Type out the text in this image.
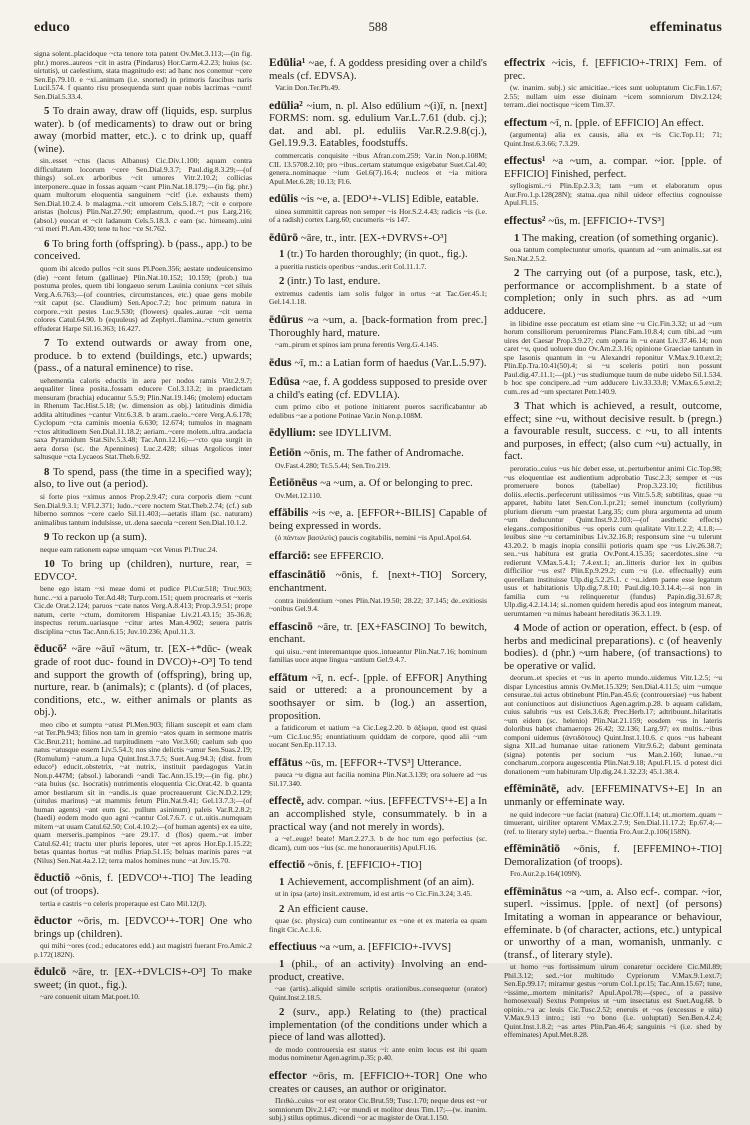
educo	588	effeminatus

signa solent..placidoque ~cta tenore tota patent Ov.Met.3.113;—(in fig. phr.) mores..aureos ~cit in astra (Pindarus) Hor.Carm.4.2.23; huius (sc. uirtutis), ut caelestium, stata magnitudo est: ad hanc nos conemur ~cere Sen.Ep.79.10. e ~xi..animam (i.e. snorted) in primoris faucibus naris Lucil.574. f quanto risu prosequenda sunt quae nobis lacrimas ~cunt! Sen.Dial.5.33.4.

5 To drain away, draw off (liquids, esp. surplus water). b (of medicaments) to draw out or bring away (morbid matter, etc.). c to drink up, quaff (wine).

sin..esset ~ctus (lacus Albanus) Cic.Div.1.100; aquam contra difficultatem locorum ~cere Sen.Dial.9.3.7; Paul.dig.8.3.29;—(of things) sol..ex arboribus ~cit umores Vitr.2.10.2; collicias interponere..quae in fossas aquam ~cant Plin.Nat.18.179;—(in fig. phr.) quam multorum eloquentia sanguinem ~cit! (i.e. exhausts them) Sen.Dial.10.2.4. b malagma..~cit umorem Cels.5.18.7; ~cit e corpore aristas (holcus) Plin.Nat.27.90; emplastrum, quod..~t pus Larg.216; (absol.) euocat et ~cit ladanum Cels.5.18.3. c eam (sc. hirneam)..uini ~xi meri Pl.Am.430; tene tu hoc ~ce St.762.

6 To bring forth (offspring). b (pass., app.) to be conceived.

quom ibi alcedo pullos ~cit suos Pl.Poen.356; aestate undeuicensimo (die) ~cent fetum (gallinae) Plin.Nat.10.152; 10.159; (prob.) tua postuma proles, quem tibi longaeuo serum Lauinia coniunx ~cet siluis Verg.A.6.763;—(of countries, circumstances, etc.) quae gens mobile ~xit caput (sc. Claudium) Sen.Apoc.7.2; hoc primum natura in corpore..~xit pestes Luc.9.530; (flowers) quales..aurae ~cit uerna colores Catul.64.90. b (equuleus) ad Zephyri..flamina..~ctum genetrix effuderat Harpe Sil.16.363; 16.427.

7 To extend outwards or away from one, produce. b to extend (buildings, etc.) upwards; (pass., of a natural eminence) to rise.

uehementia caloris eductis in aera per nodos ramis Vitr.2.9.7; aequaliter linea posita..fossam educere Col.3.13.2; in praedictam mensuram (brachia) educantur 5.5.9; Plin.Nat.19.146; (molem) eductam in Rhenum Tac.Hist.5.18; (w. dimension as obj.) latitudinis dimidia addita altitudines ~cantur Vitr.6.3.8. b aram..caelo..~cere Verg.A.6.178; Cyclopum ~cta caminis moenia 6.630; 12.674; tumulos in magnam ~ctos altitudinem Sen.Dial.11.18.2; aeriam..~cere molem..ultra..audacia saxa Pyramidum Stat.Silv.5.3.48; Tac.Ann.12.16;—~cto qua surgit in aera dorso (sc. the Apennines) Luc.2.428; siluas Argolicos inter saltusque ~cta Lycaeos Stat.Theb.6.92.

8 To spend, pass (the time in a specified way); also, to live out (a period).

si forte pios ~ximus annos Prop.2.9.47; cura corporis diem ~cunt Sen.Dial.9.3.1; V.Fl.2.371; ludo..~cere noctem Stat.Theb.2.74; (cf.) sub hiberno somnos ~cere caelo Sil.11.403;—aetatis illam (sc. naturam) animalibus tantum indulsisse, ut..dena saecula ~cerent Sen.Dial.10.1.2.

9 To reckon up (a sum).

neque eam rationem eapse umquam ~cet Venus Pl.Truc.24.

10 To bring up (children), nurture, rear, = EDVCO².

bene ego istam ~xi meae domi et pudice Pl.Cur.518; Truc.903; hunc..~xi a paruolo Ter.Ad.48; Turp.com.151; quem procrearis et ~xeris Cic.de Orat.2.124; paruos ~cate natos Verg.A.8.413; Prop.3.9.51; prope natum, certe ~ctum, domitorem Hispaniae Liv.21.43.15; 35-36.8; inspectus rerum..uariasque ~citur artes Man.4.902; seuera patris disciplina ~ctus Tac.Ann.6.15; Juv.10.236; Apul.11.3.

ēducō² ~āre ~āuī ~ātum, tr. [EX-+*dūc- (weak grade of root duc- found in DVCO)+-O³] To tend and support the growth of (offspring), bring up, nurture, rear. b (animals); c (plants). d (of places, conditions, etc., w. either animals or plants as obj.).

meo cibo et sumptu ~atust Pl.Men.903; filiam suscepit et eam clam ~at Ter.Ph.943; filios non tam in gremio ~atos quam in sermone matris Cic.Brut.211; homine..ad turpitudinem ~ato Ver.3.60; caelum sub quo natus ~atusque essem Liv.5.54.3; nos sine delictis ~amur Sen.Suas.2.19; (Romulum) ~atum..a lupa Quint.Inst.3.7.5; Suet.Aug.94.3; (dist. from educo¹) educit..obstetrix, ~at nutrix, instituit paedagogus Var.in Non.p.447M; (absol.) laborandi ~andi Tac.Ann.15.19;—(in fig. phr.) ~ata huius (sc. Isocratis) nutrimentis eloquentia Cic.Orat.42. b quanta amor bestiarum sit in ~andis..is quae procreauerunt Cic.N.D.2.129; (uitulus marinus) ~at mammis fetum Plin.Nat.9.41; Gel.13.7.3;—(of human agents) ~ant eum (sc. pullum asininum) paleis Var.R.2.8.2; (haedi) eodem modo quo agni ~cantur Col.7.6.7. c ut..uitis..numquam mitem ~at uuam Catul.62.50; Col.4.10.2;—(of human agents) ex ea uite, quam merseris..pampinos ~are 29.17. d (flos) quem..~at imber Catul.62.41; tractu uter pluris lepores, uter ~et apros Hor.Ep.1.15.22; betas quantas hortus ~at nullus Priap.51.15; beluas marinis pares ~at (Nilus) Sen.Nat.4a.2.12; terra malos homines nunc ~at Juv.15.70.

ēductiō ~ōnis, f. [EDVCO¹+-TIO] The leading out (of troops).

tertia e castris ~o celeris properaque est Cato Mil.12(J).

ēductor ~ōris, m. [EDVCO¹+-TOR] One who brings up (children).

qui mihi ~ores (cod.; educatores edd.) aut magistri fuerant Fro.Amic.2 p.172(182N).

ēdulcō ~āre, tr. [EX-+DVLCIS+-O³] To make sweet; (in quot., fig.).

~are conuenit uitam Mat.poet.10.

Edūlia¹ ~ae, f. A goddess presiding over a child's meals (cf. EDVSA).

Var.in Don.Ter.Ph.49.

edūlia² ~ium, n. pl. Also edūlium ~(i)ī, n. [next] FORMS: nom. sg. edulium Var.L.7.61 (dub. cj.); dat. and abl. pl. eduliis Var.R.2.9.8(cj.), Gel.19.9.3. Eatables, foodstuffs.

commercatis conquisite ~ibus Afran.com.259; Var.in Non.p.108M; CIL 13.5708.2.10; pro ~ibus..certam statumque exigebatur Suet.Cal.40; genera..nominaque ~ium Gel.6(7).16.4; nucleos et ~ia mitiora Apul.Met.6.28; 10.13; Fl.6.

edūlis ~is ~e, a. [EDO¹+-VLIS] Edible, eatable.

uinea summittit capreas non semper ~is Hor.S.2.4.43; radicis ~is (i.e. of a radish) cortex Larg.60; cucumeris ~is 147.

ēdūrō ~āre, tr., intr. [EX-+DVRVS+-O³]

1 (tr.) To harden thoroughly; (in quot., fig.).

a pueritia rusticis operibus ~andus..erit Col.11.1.7.

2 (intr.) To last, endure.

extremus cadentis iam solis fulgor in ortus ~at Tac.Ger.45.1; Gel.14.1.18.

ēdūrus ~a ~um, a. [back-formation from prec.] Thoroughly hard, mature.

~am..pirum et spinos iam pruna ferentis Verg.G.4.145.

ēdus ~ī, m.: a Latian form of haedus (Var.L.5.97).

Edūsa ~ae, f. A goddess supposed to preside over a child's eating (cf. EDVLIA).

cum primo cibo et potione initiarent pueros sacrificabantur ab edulibus ~ae a potione Potinae Var.in Non.p.108M.

ēdyllium: see IDYLLIVM.

Ēetiōn ~ōnis, m. The father of Andromache.

Ov.Fast.4.280; Tr.5.5.44; Sen.Tro.219.

Ēetiōnēus ~a ~um, a. Of or belonging to prec.

Ov.Met.12.110.

effābilis ~is ~e, a. [EFFOR+-BILIS] Capable of being expressed in words.

(ὁ πάντων βασιλεύς) paucis cogitabilis, nemini ~is Apul.Apol.64.

effarciō: see EFFERCIO.

effascinātiō ~ōnis, f. [next+-TIO] Sorcery, enchantment.

contra inuidentium ~ones Plin.Nat.19.50; 28.22; 37.145; de..exitiosis ~onibus Gel.9.4.

effascinō ~āre, tr. [EX+FASCINO] To bewitch, enchant.

qui uisu..~ent interemantque quos..intueantur Plin.Nat.7.16; hominum familias uoce atque lingua ~antium Gel.9.4.7.

effātum ~ī, n. ecf-. [pple. of EFFOR] Anything said or uttered: a a pronouncement by a soothsayer or sim. b (log.) an assertion, proposition.

a fatidicorum et uatium ~a Cic.Leg.2.20. b ἀξίωμα, quod est quasi ~um Cic.Luc.95; enuntiatiuum quiddam de corpore, quod alii ~um uocant Sen.Ep.117.13.

effātus ~ūs, m. [EFFOR+-TVS³] Utterance.

pauca ~u digna aut facilia nomina Plin.Nat.3.139; ora soluere ad ~us Sil.17.340.

effectē, adv. compar. ~ius. [EFFECTVS¹+-E] a In an accomplished style, consummately. b in a practical way (and not merely in words).

a ~e!..euge! beate! Mart.2.27.3. b de hoc tum ego perfectius (sc. dicam), cum uos ~ius (sc. me honoraueritis) Apul.Fl.16.

effectiō ~ōnis, f. [EFFICIO+-TIO]

1 Achievement, accomplishment (of an aim).

ut in ipsa (arte) insit..extremum, id est artis ~o Cic.Fin.3.24; 3.45.

2 An efficient cause.

quae (sc. physica) cum contineantur ex ~one et ex materia ea quam fingit Cic.Ac.1.6.

effectiuus ~a ~um, a. [EFFICIO+-IVVS]

1 (phil., of an activity) Involving an end-product, creative.

~ae (artis)..aliquid simile scriptis orationibus..consequetur (orator) Quint.Inst.2.18.5.

2 (surv., app.) Relating to (the) practical implementation (of the conditions under which a piece of land was allotted).

de modo controuersia est status ~i: ante enim locus est ibi quam modus nominetur Agen.agrim.p.35; p.40.

effector ~ōris, m. [EFFICIO+-TOR] One who creates or causes, an author or originator.

Πειθώ..cuius ~or est orator Cic.Brut.59; Tusc.1.70; neque deus est ~or somniorum Div.2.147; ~or mundi et molitor deus Tim.17;—(w. inanim. subj.) stilus optimus..dicendi ~or ac magister de Orat.1.150.

effectrix ~icis, f. [EFFICIO+-TRIX] Fem. of prec.

(w. inanim. subj.) sic amicitiae..~ices sunt uoluptatum Cic.Fin.1.67; 2.55; nullam uim esse diuinam ~icem somniorum Div.2.124; terram..diei noctisque ~icem Tim.37.

effectum ~ī, n. [pple. of EFFICIO] An effect.

(argumenta) alia ex causis, alia ex ~is Cic.Top.11; 71; Quint.Inst.6.3.66; 7.3.29.

effectus¹ ~a ~um, a. compar. ~ior. [pple. of EFFICIO] Finished, perfect.

syllogismi..~i Plin.Ep.2.3.3; tam ~um et elaboratum opus Aur.Fro.1.p.128(28N); statua..qua nihil uideor effectius cognouisse Apul.Fl.15.

effectus² ~ūs, m. [EFFICIO+-TVS³]

1 The making, creation (of something organic).

oua tantum complectuntur umoris, quantum ad ~um animalis..sat est Sen.Nat.2.5.2.

2 The carrying out (of a purpose, task, etc.), performance or accomplishment. b a state of completion; only in such phrs. as ad ~um adducere.

in libidine esse peccatum est etiam sine ~u Cic.Fin.3.32; ut ad ~um horum consiliorum perueniremus Planc.Fam.10.8.4; cum tibi..ad ~um uires det Caesar Prop.3.9.27; cum opera in ~u erant Liv.37.46.14; non caret ~u, quod uoluere duo Ov.Am.2.3.16; opinione Graeciae tantum in spe Iasonis quantum in ~u Alexandri reponitur V.Max.9.10.ext.2; Plin.Ep.Tra.10.41(50).4; si ~u sceleris potiri non possunt Paul.dig.47.11.1;—(pl.) ~us studiumque tuum de nube uidebo Sil.1.534. b hoc spe concipere..ad ~um adducere Liv.33.33.8; V.Max.6.5.ext.2; cum..res ad ~um spectaret Petr.140.9.

3 That which is achieved, a result, outcome, effect; sine ~u, without decisive result. b (pregn.) a favourable result, success. c ~u, to all intents and purposes, in effect; (also cum ~u) actually, in fact.

peroratio..cuius ~us hic debet esse, ut..perturbentur animi Cic.Top.98; ~us eloquentiae est audientium adprobatio Tusc.2.3; semper et ~us promeruere bonos (tabellae) Prop.3.23.10; fictilibus doliis..electis..perfecerunt utilissimos ~us Vitr.5.5.8; subtilitas, quae ~u apparet, habitu latet Sen.Con.1.pr.21; semel inunctum (collyrium) plurium dierum ~um praestat Larg.35; cum plura argumenta ad unum ~um deducuntur Quint.Inst.9.2.103;—(of aesthetic effects) elegans..compositionibus ~us operis cum qualitate Vitr.1.2.2; 4.1.8;—leuibus sine ~u certaminibus Liv.32.16.8; responsum sine ~u tulerunt 43.20.2. b magis inopia consilii potioris quam spe ~us Liv.26.38.7; seu..~us habitura est gratia Ov.Pont.4.15.35; sacerdotes..sine ~u redierunt V.Max.5.4.1; 7.4.ext.1; an..litteris durior lex in quibus difficilior ~us est? Plin.Ep.9.29.2; cum ~u (i.e. effectually) eum querellam instituisse Ulp.dig.5.2.25.1. c ~u..idem paene esse legatum usus et habitationis Ulp.dig.7.8.10; Paul.dig.10.3.14.4;—si non in familia cum ~u relinqueretur (fundus) Papin.dig.31.67.8; Ulp.dig.4.2.14.14; si..nomen quidem heredis apud eos integrum maneat, uerumtamen ~u minus habeant hereditatis 36.3.1.19.

4 Mode of action or operation, effect. b (esp. of herbs and medicinal preparations). c (of heavenly bodies). d (phr.) ~um habere, (of transactions) to be operative or valid.

deorum..et species et ~us in aperto mundo..uidemus Vitr.1.2.5; ~u dispar Lyncestius amnis Ov.Met.15.329; Sen.Dial.4.11.5; uim ~umque censurae..tui actus obtinebunt Plin.Pan.45.6; (controuersiae) ~us habent aut coniunctiuos aut disiunctiuos Agen.agrim.p.28. b aquam calidam, cuius salubris ~us est Cels.3.6.8; Prec.Herb.17; adtribuunt..hilaritatis ~um eidem (sc. helenio) Plin.Nat.21.159; eosdem ~us in lateris doloribus habet chamaerops 26.42; 32.136; Larg.97; ex multis..~ibus componi uidemus (ἀντιδότους) Quint.Inst.1.10.6. c quos ~us habeant signa XII..ad humanae uitae rationem Vitr.9.6.2; dabunt geminata (signa) potentis per socium ~us Man.2.160; lunae..~u concharum..corpora augescentia Plin.Nat.9.18; Apul.Fl.15. d potest dici donationem ~um habituram Ulp.dig.24.1.32.23; 45.1.38.4.

effēminātē, adv. [EFFEMINATVS+-E] In an unmanly or effeminate way.

ne quid indecore ~ue faciat (natura) Cic.Off.1.14; ut..mortem..quam ~ timuerant, uiriliter optarent V.Max.2.7.9; Sen.Dial.11.17.2; Ep.67.4;—(ref. to literary style) uerba..~ fluentia Fro.Aur.2.p.106(158N).

effēminātiō ~ōnis, f. [EFFEMINO+-TIO] Demoralization (of troops).

Fro.Aur.2.p.164(109N).

effēminātus ~a ~um, a. Also ecf-. compar. ~ior, superl. ~issimus. [pple. of next] (of persons) Imitating a woman in appearance or behaviour, effeminate. b (of character, actions, etc.) untypical or unworthy of a man, womanish, unmanly. c (transf., of literary style).

ut homo ~us fortissimum uirum conaretur occidere Cic.Mil.89; Phil.3.12; sed..~ior multitudo Cypriorum V.Max.9.1.ext.7; Sen.Ep.99.17; miramur gestus ~orum Col.1.pr.15; Tac.Ann.15.67; tune, ~issime,..mortem minitaris? Apul.Apol.78;—(spec., of a passive homosexual) Sextus Pompeius ut ~um insectatus est Suet.Aug.68. b opinio..~a ac leuis Cic.Tusc.2.52; eneruis et ~os (excessus e uita) V.Max.9.13 intro.; isti ~o bono (i.e. uoluptati) Sen.Ben.4.2.4; Quint.Inst.1.8.2; ~as artes Plin.Pan.46.4; sanguinis ~i (i.e. shed by effeminates) Apul.Met.8.28.
